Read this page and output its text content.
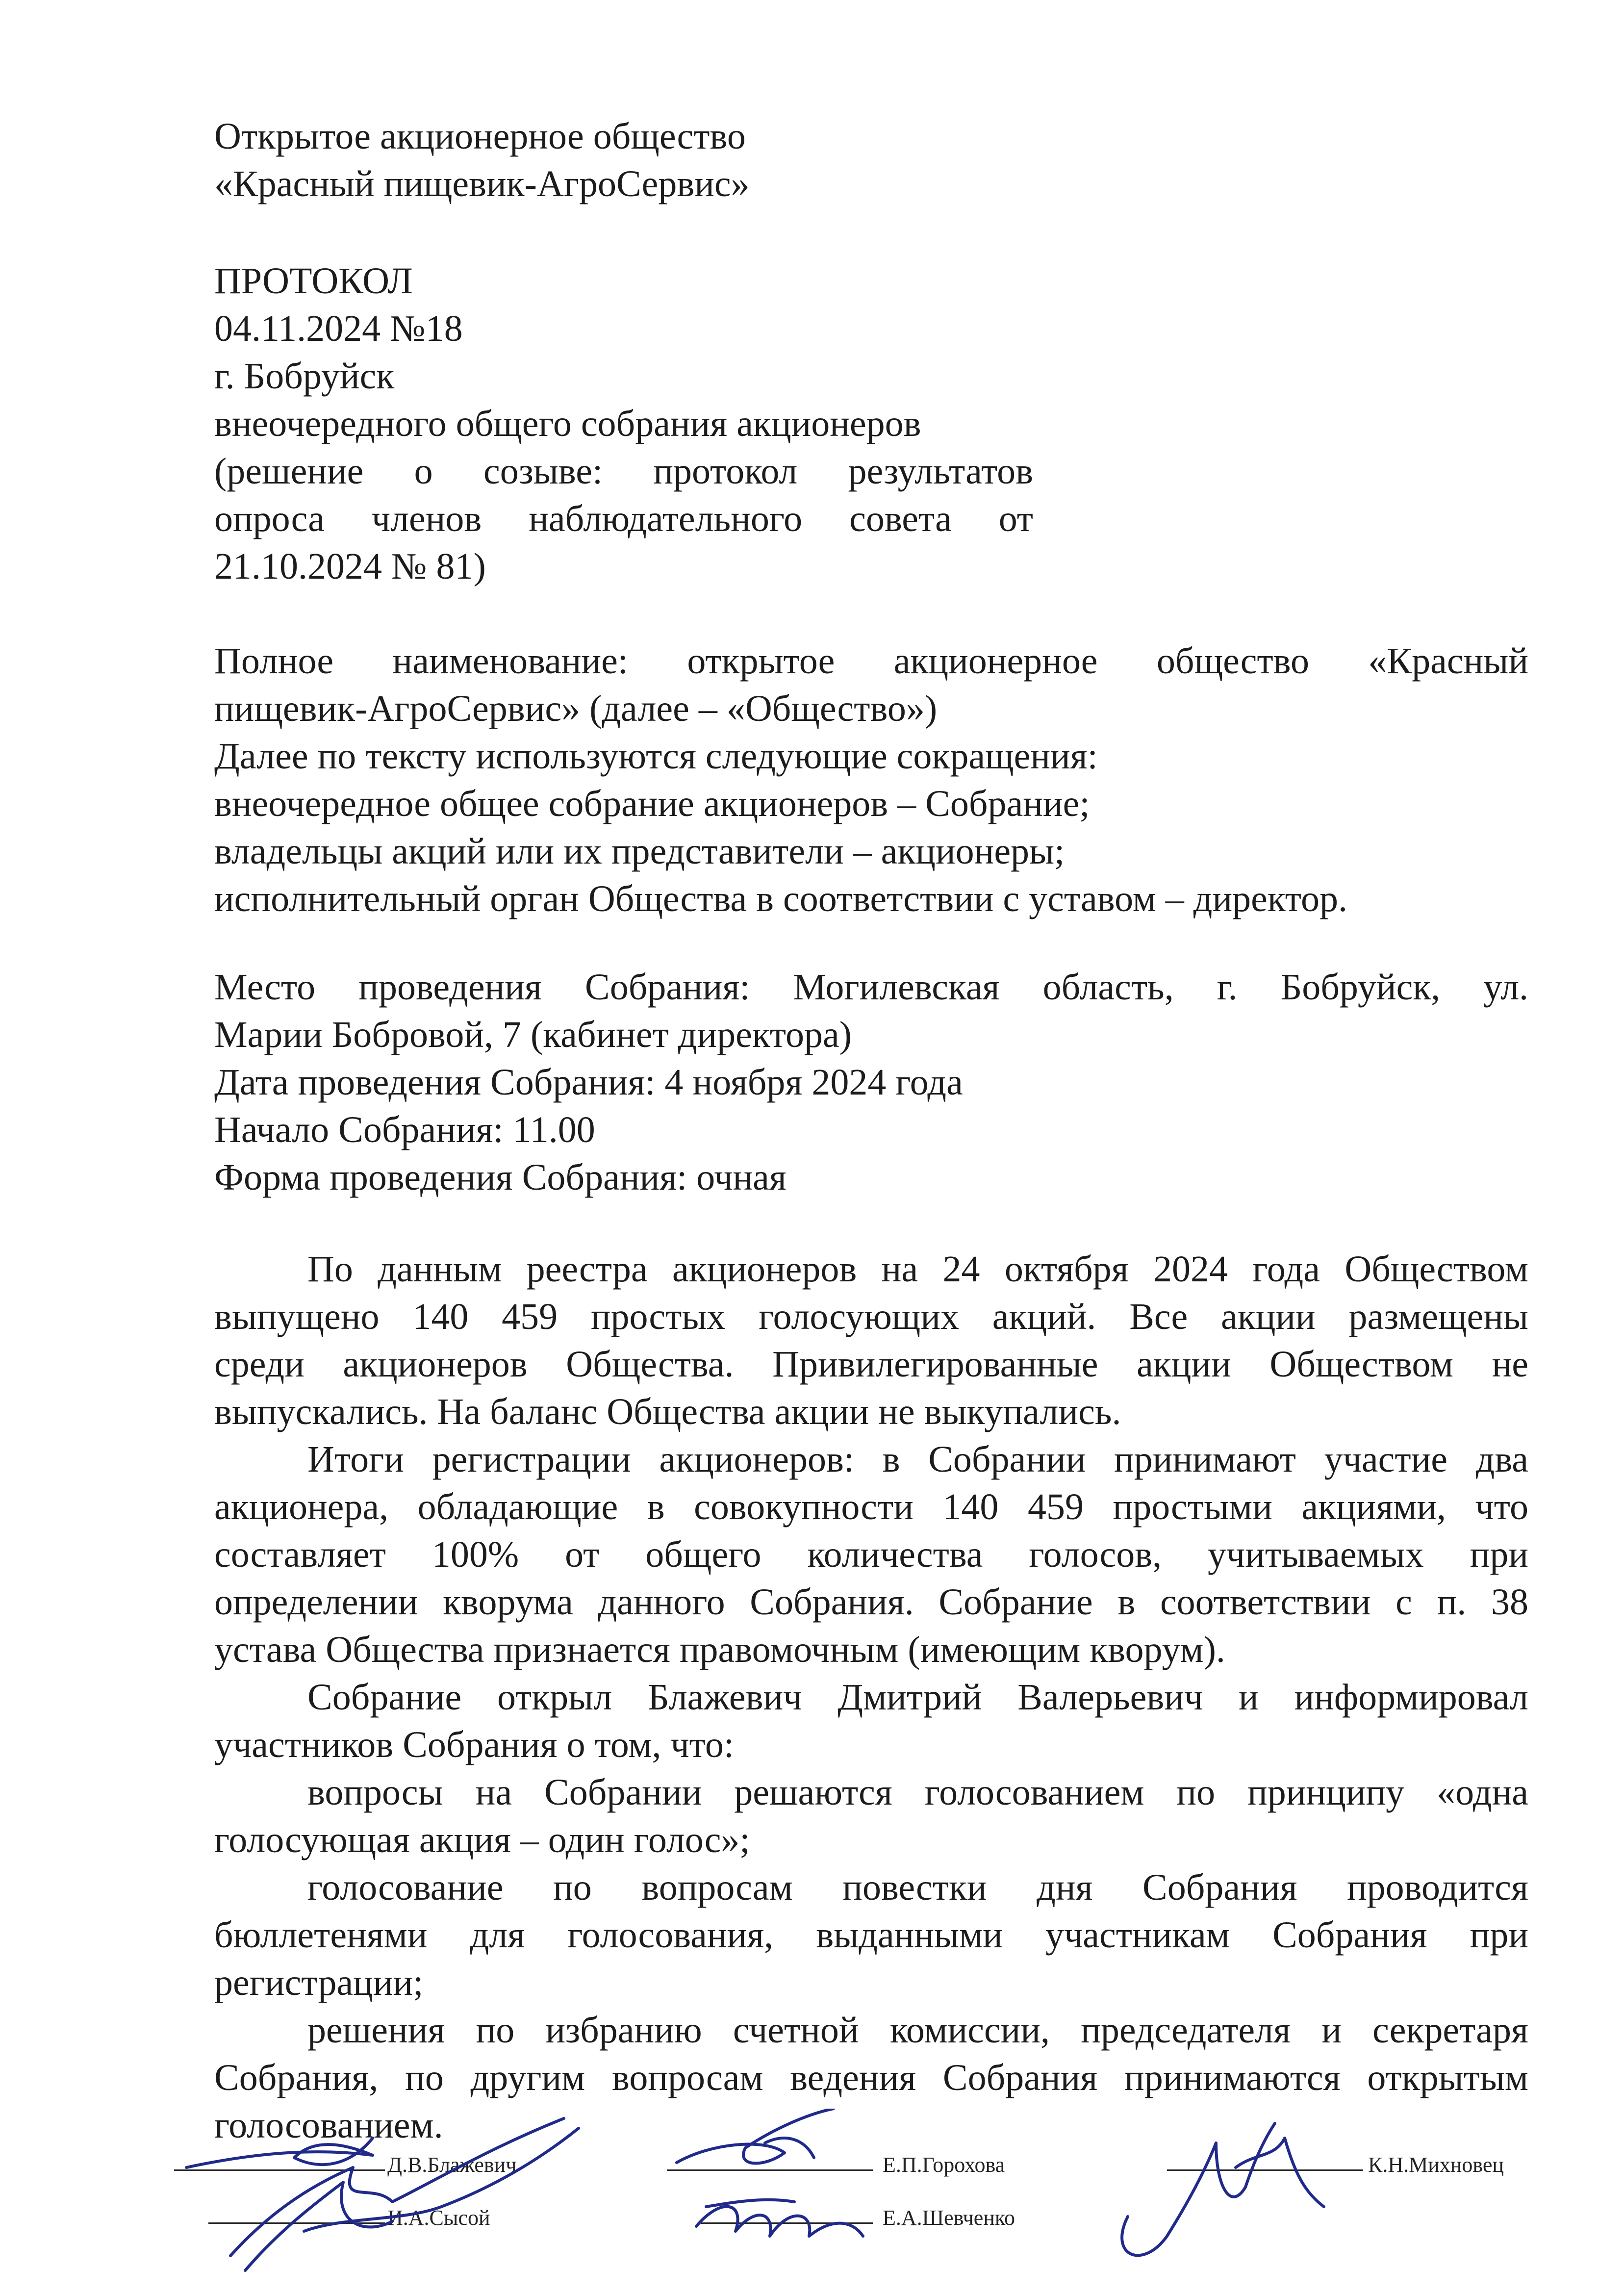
Открытое акционерное общество
«Красный пищевик-АгроСервис»
ПРОТОКОЛ
04.11.2024 №18
г. Бобруйск
внеочередного общего собрания акционеров
(решение о созыве: протокол результатов
опроса членов наблюдательного совета от
21.10.2024 № 81)
Полное наименование: открытое акционерное общество «Красный
пищевик-АгроСервис» (далее – «Общество»)
Далее по тексту используются следующие сокращения:
внеочередное общее собрание акционеров – Собрание;
владельцы акций или их представители – акционеры;
исполнительный орган Общества в соответствии с уставом – директор.
Место проведения Собрания: Могилевская область, г. Бобруйск, ул.
Марии Бобровой, 7 (кабинет директора)
Дата проведения Собрания: 4 ноября 2024 года
Начало Собрания: 11.00
Форма проведения Собрания: очная
По данным реестра акционеров на 24 октября 2024 года Обществом
выпущено 140 459 простых голосующих акций. Все акции размещены
среди акционеров Общества. Привилегированные акции Обществом не
выпускались. На баланс Общества акции не выкупались.
Итоги регистрации акционеров: в Собрании принимают участие два
акционера, обладающие в совокупности 140 459 простыми акциями, что
составляет 100% от общего количества голосов, учитываемых при
определении кворума данного Собрания. Собрание в соответствии с п. 38
устава Общества признается правомочным (имеющим кворум).
Собрание открыл Блажевич Дмитрий Валерьевич и информировал
участников Собрания о том, что:
вопросы на Собрании решаются голосованием по принципу «одна
голосующая акция – один голос»;
голосование по вопросам повестки дня Собрания проводится
бюллетенями для голосования, выданными участникам Собрания при
регистрации;
решения по избранию счетной комиссии, председателя и секретаря
Собрания, по другим вопросам ведения Собрания принимаются открытым
голосованием.
Д.В.Блажевич
И.А.Сысой
Е.П.Горохова
Е.А.Шевченко
К.Н.Михновец
